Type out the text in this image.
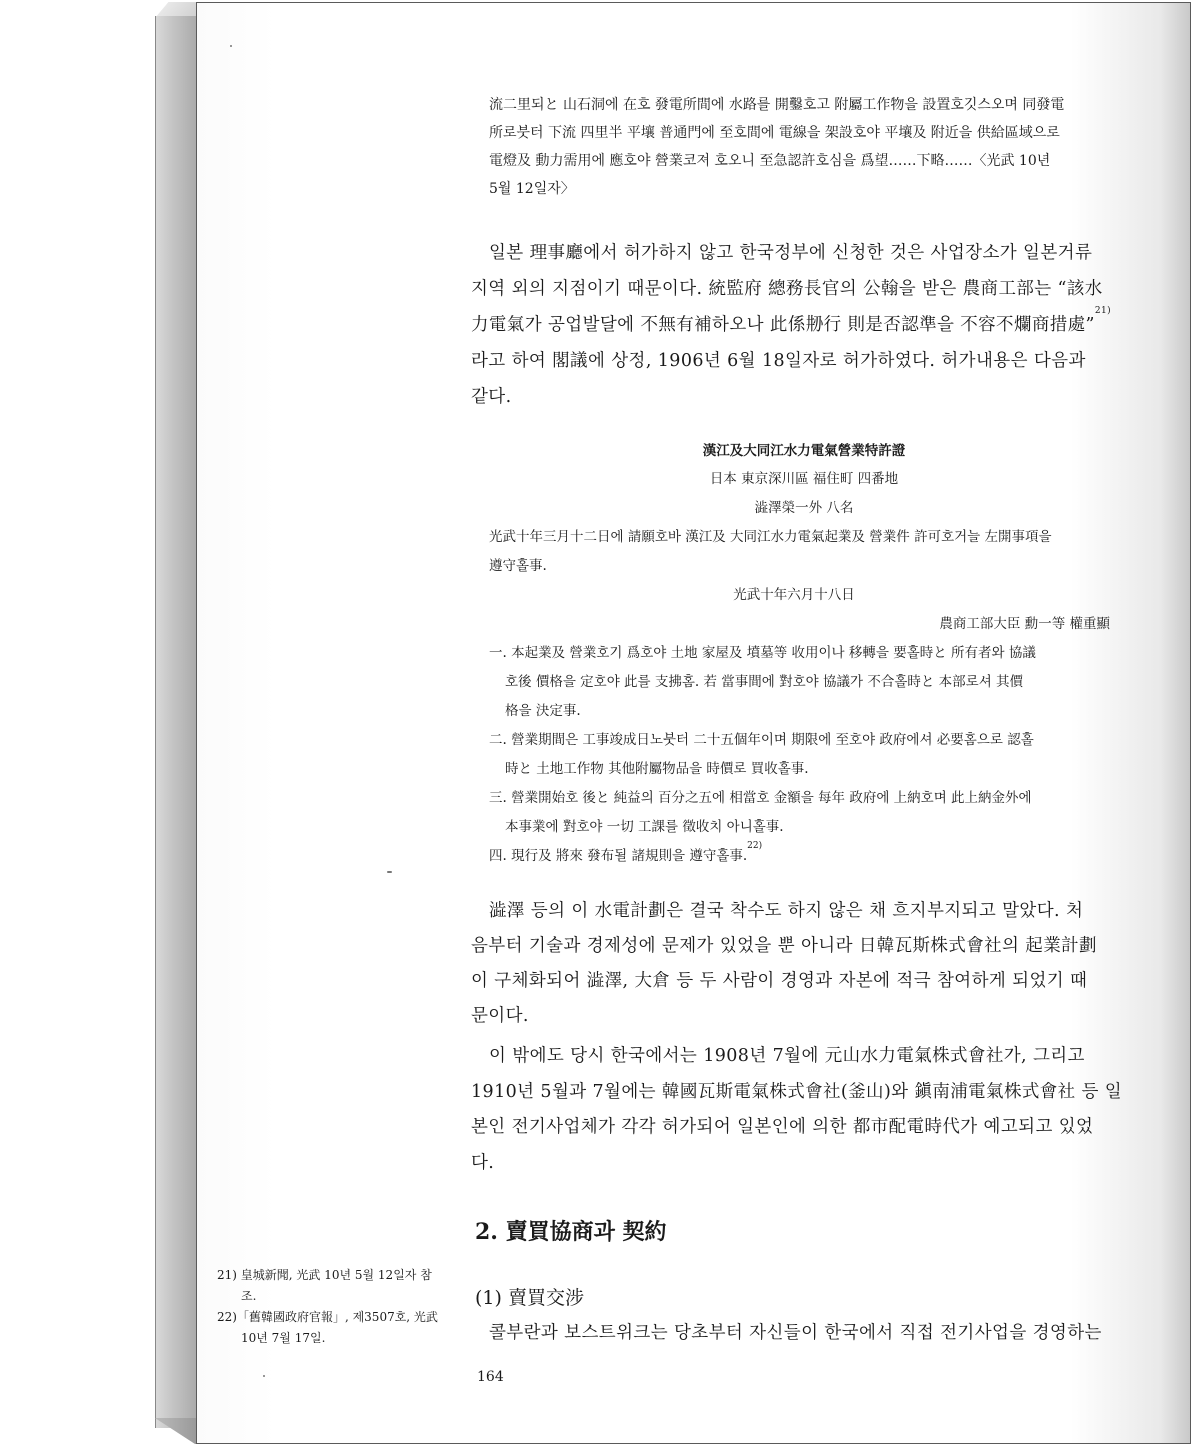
流二里되と 山石洞에 在호 發電所間에 水路를 開鑿호고 附屬工作物을 設置호깃스오며 同發電
所로붓터 下流 四里半 平壤 普通門에 至호間에 電線을 架設호야 平壤及 附近을 供給區域으로
電燈及 動力需用에 應호야 營業코져 호오니 至急認許호심을 爲望……下略……〈光武 10년
5월 12일자〉
일본 理事廳에서 허가하지 않고 한국정부에 신청한 것은 사업장소가 일본거류
지역 외의 지점이기 때문이다. 統監府 總務長官의 公翰을 받은 農商工部는 “該水
力電氣가 공업발달에 不無有補하오나 此係刱行 則是否認準을 不容不爛商措處”$^{21)}$
라고 하여 閣議에 상정, 1906년 6월 18일자로 허가하였다. 허가내용은 다음과
같다.
漢江及大同江水力電氣營業特許證
日本 東京深川區 福住町 四番地
澁澤榮一外 八名
光武十年三月十二日에 請願호바 漢江及 大同江水力電氣起業及 營業件 許可호거늘 左開事項을
遵守홀事.
光武十年六月十八日
農商工部大臣 勳一等 權重顯
一. 本起業及 營業호기 爲호야 土地 家屋及 墳墓等 收用이나 移轉을 要홀時と 所有者와 協議
호後 價格을 定호야 此를 支拂홈. 若 當事間에 對호야 協議가 不合홀時と 本部로셔 其價
格을 決定事.
二. 營業期間은 工事竣成日노붓터 二十五個年이며 期限에 至호야 政府에셔 必要홈으로 認홀
時と 土地工作物 其他附屬物品을 時價로 買收홀事.
三. 營業開始호 後と 純益의 百分之五에 相當호 金額을 每年 政府에 上納호며 此上納金外에
本事業에 對호야 一切 工課를 徵收치 아니홀事.
四. 現行及 將來 發布될 諸規則을 遵守홀事.$^{22)}$
澁澤 등의 이 水電計劃은 결국 착수도 하지 않은 채 흐지부지되고 말았다. 처
음부터 기술과 경제성에 문제가 있었을 뿐 아니라 日韓瓦斯株式會社의 起業計劃
이 구체화되어 澁澤, 大倉 등 두 사람이 경영과 자본에 적극 참여하게 되었기 때
문이다.
이 밖에도 당시 한국에서는 1908년 7월에 元山水力電氣株式會社가, 그리고
1910년 5월과 7월에는 韓國瓦斯電氣株式會社(釜山)와 鎭南浦電氣株式會社 등 일
본인 전기사업체가 각각 허가되어 일본인에 의한 都市配電時代가 예고되고 있었
다.
2. 賣買協商과 契約
(1) 賣買交涉
콜부란과 보스트위크는 당초부터 자신들이 한국에서 직접 전기사업을 경영하는
21) 皇城新聞, 光武 10년 5월 12일자 참
조.
22)「舊韓國政府官報」, 제3507호, 光武
10년 7월 17일.
164
